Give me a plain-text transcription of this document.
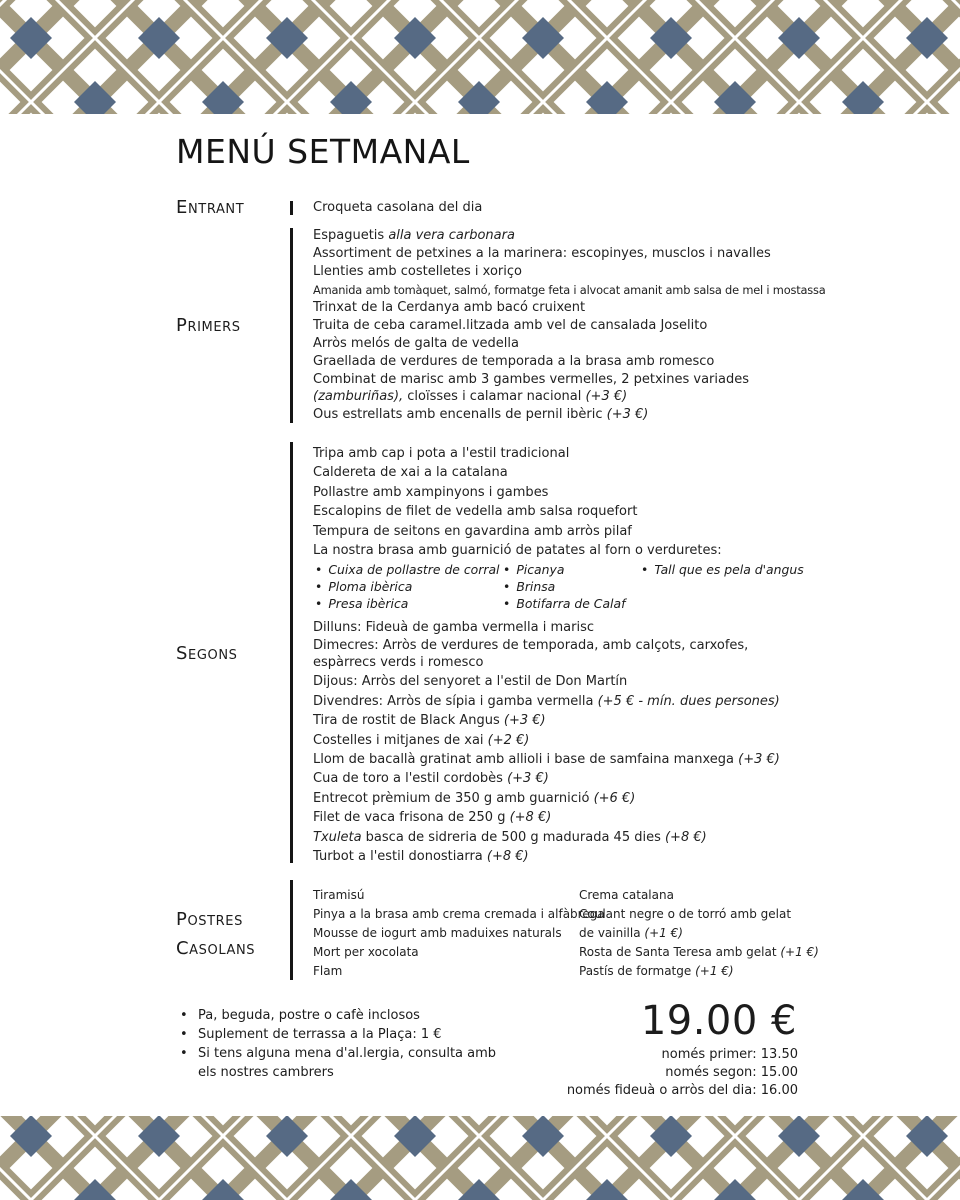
MENÚ SETMANAL
Entrant	Croqueta casolana del dia
Primers
Espaguetis alla vera carbonara
Assortiment de petxines a la marinera: escopinyes, musclos i navalles
Llenties amb costelletes i xoriço
Amanida amb tomàquet, salmó, formatge feta i alvocat amanit amb salsa de mel i mostassa
Trinxat de la Cerdanya amb bacó cruixent
Truita de ceba caramel.litzada amb vel de cansalada Joselito
Arròs melós de galta de vedella
Graellada de verdures de temporada a la brasa amb romesco
Combinat de marisc amb 3 gambes vermelles, 2 petxines variades (zamburiñas), cloïsses i calamar nacional (+3 €)
Ous estrellats amb encenalls de pernil ibèric (+3 €)
Segons
Tripa amb cap i pota a l'estil tradicional
Caldereta de xai a la catalana
Pollastre amb xampinyons i gambes
Escalopins de filet de vedella amb salsa roquefort
Tempura de seitons en gavardina amb arròs pilaf
La nostra brasa amb guarnició de patates al forn o verduretes:
• Cuixa de pollastre de corral
• Ploma ibèrica
• Presa ibèrica
• Picanya
• Brinsa
• Botifarra de Calaf
• Tall que es pela d'angus
Dilluns: Fideuà de gamba vermella i marisc
Dimecres: Arròs de verdures de temporada, amb calçots, carxofes, espàrrecs verds i romesco
Dijous: Arròs del senyoret a l'estil de Don Martín
Divendres: Arròs de sípia i gamba vermella (+5 € - mín. dues persones)
Tira de rostit de Black Angus (+3 €)
Costelles i mitjanes de xai (+2 €)
Llom de bacallà gratinat amb allioli i base de samfaina manxega (+3 €)
Cua de toro a l'estil cordobès (+3 €)
Entrecot prèmium de 350 g amb guarnició (+6 €)
Filet de vaca frisona de 250 g (+8 €)
Txuleta basca de sidreria de 500 g madurada 45 dies (+8 €)
Turbot a l'estil donostiarra (+8 €)
Postres
Casolans
Tiramisú
Pinya a la brasa amb crema cremada i alfàbrega
Mousse de iogurt amb maduixes naturals
Mort per xocolata
Flam
Crema catalana
Coulant negre o de torró amb gelat
de vainilla (+1 €)
Rosta de Santa Teresa amb gelat (+1 €)
Pastís de formatge (+1 €)
• Pa, beguda, postre o cafè inclosos
• Suplement de terrassa a la Plaça: 1 €
• Si tens alguna mena d'al.lergia, consulta amb els nostres cambrers
19.00 €
només primer: 13.50
només segon: 15.00
només fideuà o arròs del dia: 16.00
